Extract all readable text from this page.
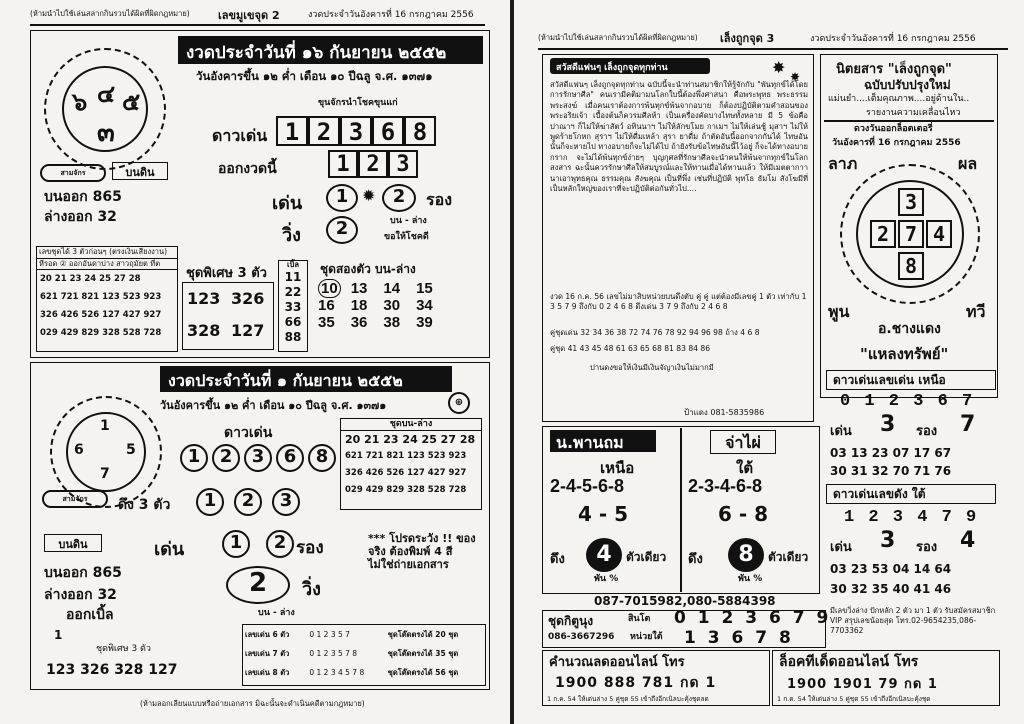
(ห้ามนำไปใช้เล่นสลากกินรวบได้ผิดที่ผิดกฎหมาย)	เลขมูเขจุด 2	งวดประจำวันอังคารที่ 16 กรกฎาคม 2556
๖ ๔ ๕
๓
งวดประจำวันที่ ๑๖ กันยายน ๒๕๕๒
วันอังคารขึ้น ๑๒ ค่ำ เดือน ๑๐ ปีฉลู จ.ศ. ๑๓๗๑
ขุนจักรนำโชคขุนแก่
ดาวเด่น 1 2 3 6 8
ออกงวดนี้	1 2 3
เด่น	1 ✹ 2	รอง
วิ่ง	2	บน - ล่าง
ขอให้โชคดี
สามจักร	บนดิน
บนออก 865
ล่างออก 32
เลขชุดได้ 3 ตัวก่อนๆ (ตรงเงินเสียงงาน)
หีรอด ② ออกอันดาบ่าง สาวฤมัยต ที่ต
20 21 23 24 25 27 28
621 721 821 123 523 923
326 426 526 127 427 927
029 429 829 328 528 728
ชุดพิเศษ 3 ตัว
123 326
328 127
เบิ้ล
11
22
33
66
88
ชุดสองตัว บน-ล่าง
10	13	14	15
16	18	30	34
35	36	38	39
งวดประจำวันที่ ๑ กันยายน ๒๕๕๒
⊕
วันอังคารขึ้น ๑๒ ค่ำ เดือน ๑๐ ปีฉลู จ.ศ. ๑๓๗๑
1
6	5
7
ดาวเด่น
1 2 3 6 8
ชุดบน-ล่าง
20 21 23 24 25 27 28
621 721 821 123 523 923
326 426 526 127 427 927
029 429 829 328 528 728
สามจักร	ดึง 3 ตัว	1 2 3
บนดิน	เด่น	1	2 รอง	*** โปรดระวัง !! ของจริง ต้องพิมพ์ 4 สี ไม่ใช่ถ่ายเอกสาร
บนออก 865
ล่างออก 32
ออกเบิ้ล
2	วิ่ง
บน - ล่าง
1
ชุดพิเศษ 3 ตัว
123 326 328 127
เลขเด่น 6 ตัว	0 1 2 3 5 7	ชุดโต๊ดตรงได้ 20 ชุด
เลขเด่น 7 ตัว	0 1 2 3 5 7 8	ชุดโต๊ดตรงได้ 35 ชุด
เลขเด่น 8 ตัว	0 1 2 3 4 5 7 8	ชุดโต๊ดตรงได้ 56 ชุด
(ห้ามลอกเลียนแบบหรือถ่ายเอกสาร มิฉะนั้นจะดำเนินคดีตามกฎหมาย)
(ห้ามนำไปใช้เล่นสลากกินรวบได้ผิดที่ผิดกฎหมาย) เล็งถูกจุด 3	งวดประจำวันอังคารที่ 16 กรกฎาคม 2556
สวัสดีแฟนๆ เล็งถูกจุดทุกท่าน	✸ ✸
สวัสดีแฟนๆ เล็งถูกจุดทุกท่าน ฉบับนี้จะนำท่านสมาชิกให้รู้จักกับ "พันทุกข์ได้โดยการรักษาศีล" คนเรามีคติมามนโลกใบนี้ต้องพึ่งศาสนา คือพระพุทธ พระธรรม พระสงฆ์ เมื่อคนเราต้องการพ้นทุกข์พ้นจากอบาย ก็ต้องปฏิบัติตามคำสอนของพระอริยเจ้า เบื้องต้นก็ควรมศีลห้า เป็นเครื่องคัดบางไทษทั้งหลาย มี 5 ข้อคือ ปาณาฯ ก็ไม่ให้ฆ่าสัตว์ อทินนาฯ ไม่ให้ลักขโมย กาเมฯ ไม่ให้เล่นชู้ มุสาฯ ไม่ให้พูดร้ายโกหก สุราฯ ไม่ให้ดื่มเหล้า สุรา ยาดื่ม ถ้าตัดอันนี้ออกจากกันได้ ไทษอันนั้นก็จะหายไป ทางอบายก็จะไม่ได้ไป ถ้ายังรับข้อไทษอันนี้ไว้อยู่ ก็จะได้ทางอบายกราก จะไม่ได้พ้นทุกข์ง่ายๆ บุญกุศลที่รักษาศีลจะนำคนให้พ้นจากทุกข์ในโลกสงสาร ฉะนั้นควรรักษาศีลให้สมบูรณ์และให้ทานเมื่อได้ทานแล้ว ให้มีเมตตากาานาเอาพุทธคุณ ธรรมคุณ สังฆคุณ เป็นที่พึ่ง เช่นที่ปฏิบัติ พุทโธ ธัมโม สังโฆมีที่เป็นหลักใหญ่ของเราที่จะปฏิบัติต่อกันทั่วไป....
งวด 16 ก.ค. 56 เลขไม่มาสิบหน่วยบนดึงตับ คู่ คู่ แต่ต้องมีเลขคู่ 1 ตัว เท่ากับ 1 3 5 7 9 ถึงกับ 0 2 4 6 8 ดึงเด่น 3 7 9 ถึงกับ 2 4 6 8
คู่ชุดเด่น 32 34 36 38 72 74 76 78 92 94 96 98 ถ้าง 4 6 8
คู่ชุด 41 43 45 48 61 63 65 68 81 83 84 86
ปานดงขอให้เงินมีเงินจัญาเงินไม่มากมี
ป้าแดง 081-5835986
นิตยสาร "เล็งถูกจุด"
ฉบับปรับปรุงใหม่
แม่นยำ....เต็มคุณภาพ....อยู่ด้านใน..
รายงานความเคลื่อนไหว
ดวงวันออกล็อตเตอรี่
วันอังคารที่ 16 กรกฎาคม 2556
ลาภ	ผล
พูน	ทวี
3
2 7 4
8
อ.ชางแดง
"แหลงทรัพย์"
ดาวเด่นเลขเด่น เหนือ
0 1 2 3 6 7
เด่น 3 รอง 7
03 13 23 07 17 67
30 31 32 70 71 76
ดาวเด่นเลขดัง ใต้
1 2 3 4 7 9
เด่น 3 รอง 4
03 23 53 04 14 64
30 32 35 40 41 46
น.พานถม
เหนือ
2-4-5-6-8
4 - 5
ดึง	4	ตัวเดียว
พัน %
จ่าไผ่
ใต้
2-3-4-6-8
6 - 8
ดึง	8	ตัวเดียว
พัน %
087-7015982,080-5884398
ชุดกิตูนุง	สินโต 0 1 2 3 6 7 9
086-3667296 หน่วยใต้ 1 3 6 7 8
มีเลขวิ่งล่าง ปักหลัก 2 ตัว มา 1 ตัว รับสมัครสมาชิก VIP สรุปเลขน้อยสุด โทร.02-9654235,086-7703362
คำนวณลดออนไลน์ โทร
1900 888 781 กด 1
1 ก.ค. 54 ให้เด่นล่าง 5 คู่ชุด 55 เข้าถึงอีกเนิลบะคุ้งชุดลด
ล็อคทีเด็ดออนไลน์ โทร
1900 1901 79 กด 1
1 ก.ค. 54 ให้เด่นล่าง 5 คู่ชุด 55 เข้าถึงอีกเนิลบะคุ้งชุด
